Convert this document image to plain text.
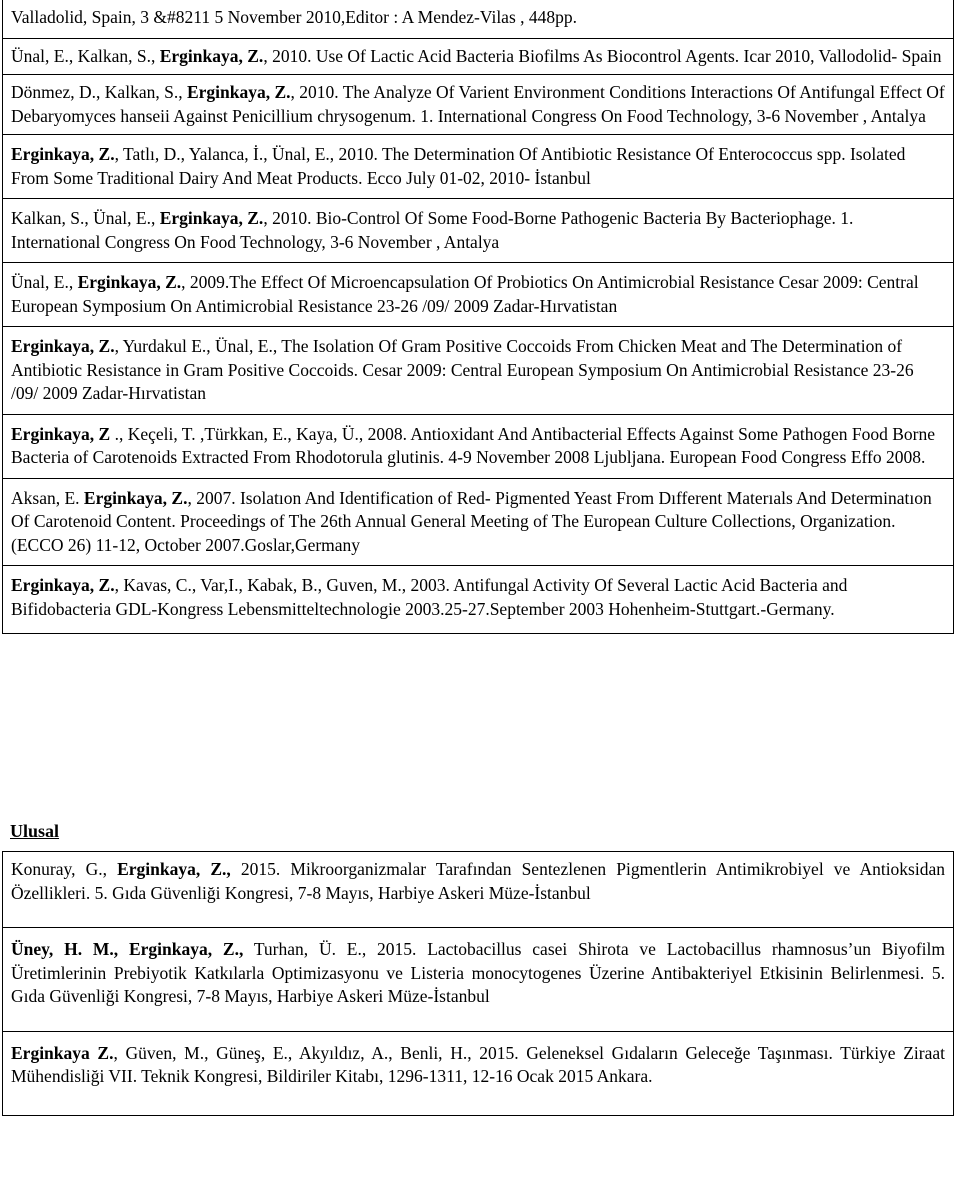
Valladolid, Spain, 3 &#8211 5 November 2010,Editor : A Mendez-Vilas , 448pp.

Ünal, E., Kalkan, S., Erginkaya, Z., 2010. Use Of Lactic Acid Bacteria Biofilms As Biocontrol Agents. Icar 2010, Vallodolid- Spain

Dönmez, D., Kalkan, S., Erginkaya, Z., 2010. The Analyze Of Varient Environment Conditions Interactions Of Antifungal Effect Of Debaryomyces hanseii Against Penicillium chrysogenum. 1. International Congress On Food Technology, 3-6 November , Antalya

Erginkaya, Z., Tatlı, D., Yalanca, İ., Ünal, E., 2010. The Determination Of Antibiotic Resistance Of Enterococcus spp. Isolated From Some Traditional Dairy And Meat Products. Ecco July 01-02, 2010- İstanbul

Kalkan, S., Ünal, E., Erginkaya, Z., 2010. Bio-Control Of Some Food-Borne Pathogenic Bacteria By Bacteriophage. 1. International Congress On Food Technology, 3-6 November , Antalya

Ünal, E., Erginkaya, Z., 2009.The Effect Of Microencapsulation Of Probiotics On Antimicrobial Resistance Cesar 2009: Central European Symposium On Antimicrobial Resistance 23-26 /09/ 2009 Zadar-Hırvatistan

Erginkaya, Z., Yurdakul E., Ünal, E., The Isolation Of Gram Positive Coccoids From Chicken Meat and The Determination of Antibiotic Resistance in Gram Positive Coccoids. Cesar 2009: Central European Symposium On Antimicrobial Resistance 23-26 /09/ 2009 Zadar-Hırvatistan

Erginkaya, Z ., Keçeli, T. ,Türkkan, E., Kaya, Ü., 2008. Antioxidant And Antibacterial Effects Against Some Pathogen Food Borne Bacteria of Carotenoids Extracted From Rhodotorula glutinis. 4-9 November 2008 Ljubljana. European Food Congress Effo 2008.

Aksan, E. Erginkaya, Z., 2007. Isolatıon And Identification of Red- Pigmented Yeast From Dıfferent Materıals And Determinatıon Of Carotenoid Content. Proceedings of The 26th Annual General Meeting of The European Culture Collections, Organization.(ECCO 26) 11-12, October 2007.Goslar,Germany

Erginkaya, Z., Kavas, C., Var,I., Kabak, B., Guven, M., 2003. Antifungal Activity Of Several Lactic Acid Bacteria and Bifidobacteria GDL-Kongress Lebensmitteltechnologie 2003.25-27.September 2003 Hohenheim-Stuttgart.-Germany.

Ulusal

Konuray, G., Erginkaya, Z., 2015. Mikroorganizmalar Tarafından Sentezlenen Pigmentlerin Antimikrobiyel ve Antioksidan Özellikleri. 5. Gıda Güvenliği Kongresi, 7-8 Mayıs, Harbiye Askeri Müze-İstanbul

Üney, H. M., Erginkaya, Z., Turhan, Ü. E., 2015. Lactobacillus casei Shirota ve Lactobacillus rhamnosus’un Biyofilm Üretimlerinin Prebiyotik Katkılarla Optimizasyonu ve Listeria monocytogenes Üzerine Antibakteriyel Etkisinin Belirlenmesi. 5. Gıda Güvenliği Kongresi, 7-8 Mayıs, Harbiye Askeri Müze-İstanbul

Erginkaya Z., Güven, M., Güneş, E., Akyıldız, A., Benli, H., 2015. Geleneksel Gıdaların Geleceğe Taşınması. Türkiye Ziraat Mühendisliği VII. Teknik Kongresi, Bildiriler Kitabı, 1296-1311, 12-16 Ocak 2015 Ankara.
